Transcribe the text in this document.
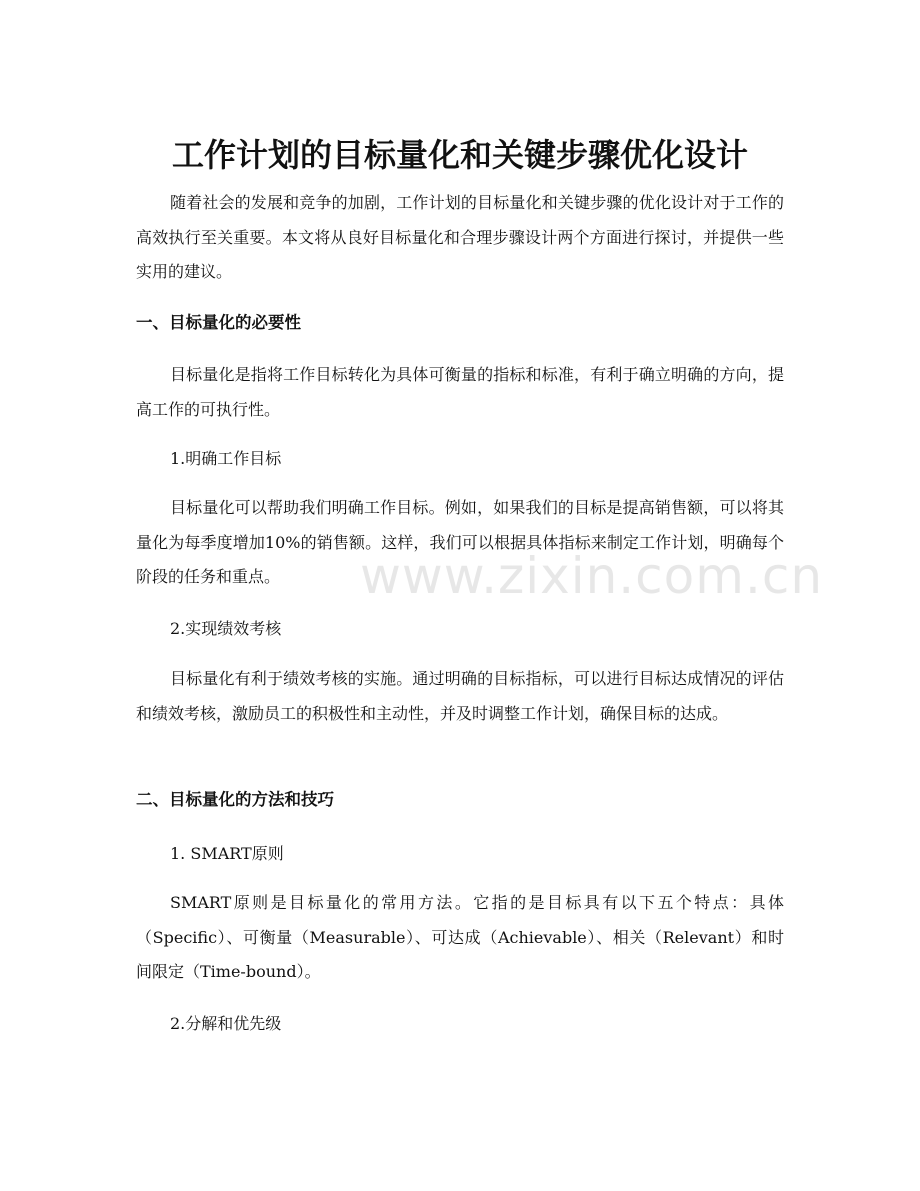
工作计划的目标量化和关键步骤优化设计

随着社会的发展和竞争的加剧，工作计划的目标量化和关键步骤的优化设计对于工作的高效执行至关重要。本文将从良好目标量化和合理步骤设计两个方面进行探讨，并提供一些实用的建议。

一、目标量化的必要性

目标量化是指将工作目标转化为具体可衡量的指标和标准，有利于确立明确的方向，提高工作的可执行性。

1.明确工作目标

目标量化可以帮助我们明确工作目标。例如，如果我们的目标是提高销售额，可以将其量化为每季度增加10%的销售额。这样，我们可以根据具体指标来制定工作计划，明确每个阶段的任务和重点。

2.实现绩效考核

目标量化有利于绩效考核的实施。通过明确的目标指标，可以进行目标达成情况的评估和绩效考核，激励员工的积极性和主动性，并及时调整工作计划，确保目标的达成。

二、目标量化的方法和技巧

1. SMART原则

SMART原则是目标量化的常用方法。它指的是目标具有以下五个特点：具体（Specific）、可衡量（Measurable）、可达成（Achievable）、相关（Relevant）和时间限定（Time-bound）。

2.分解和优先级

www.zixin.com.cn
